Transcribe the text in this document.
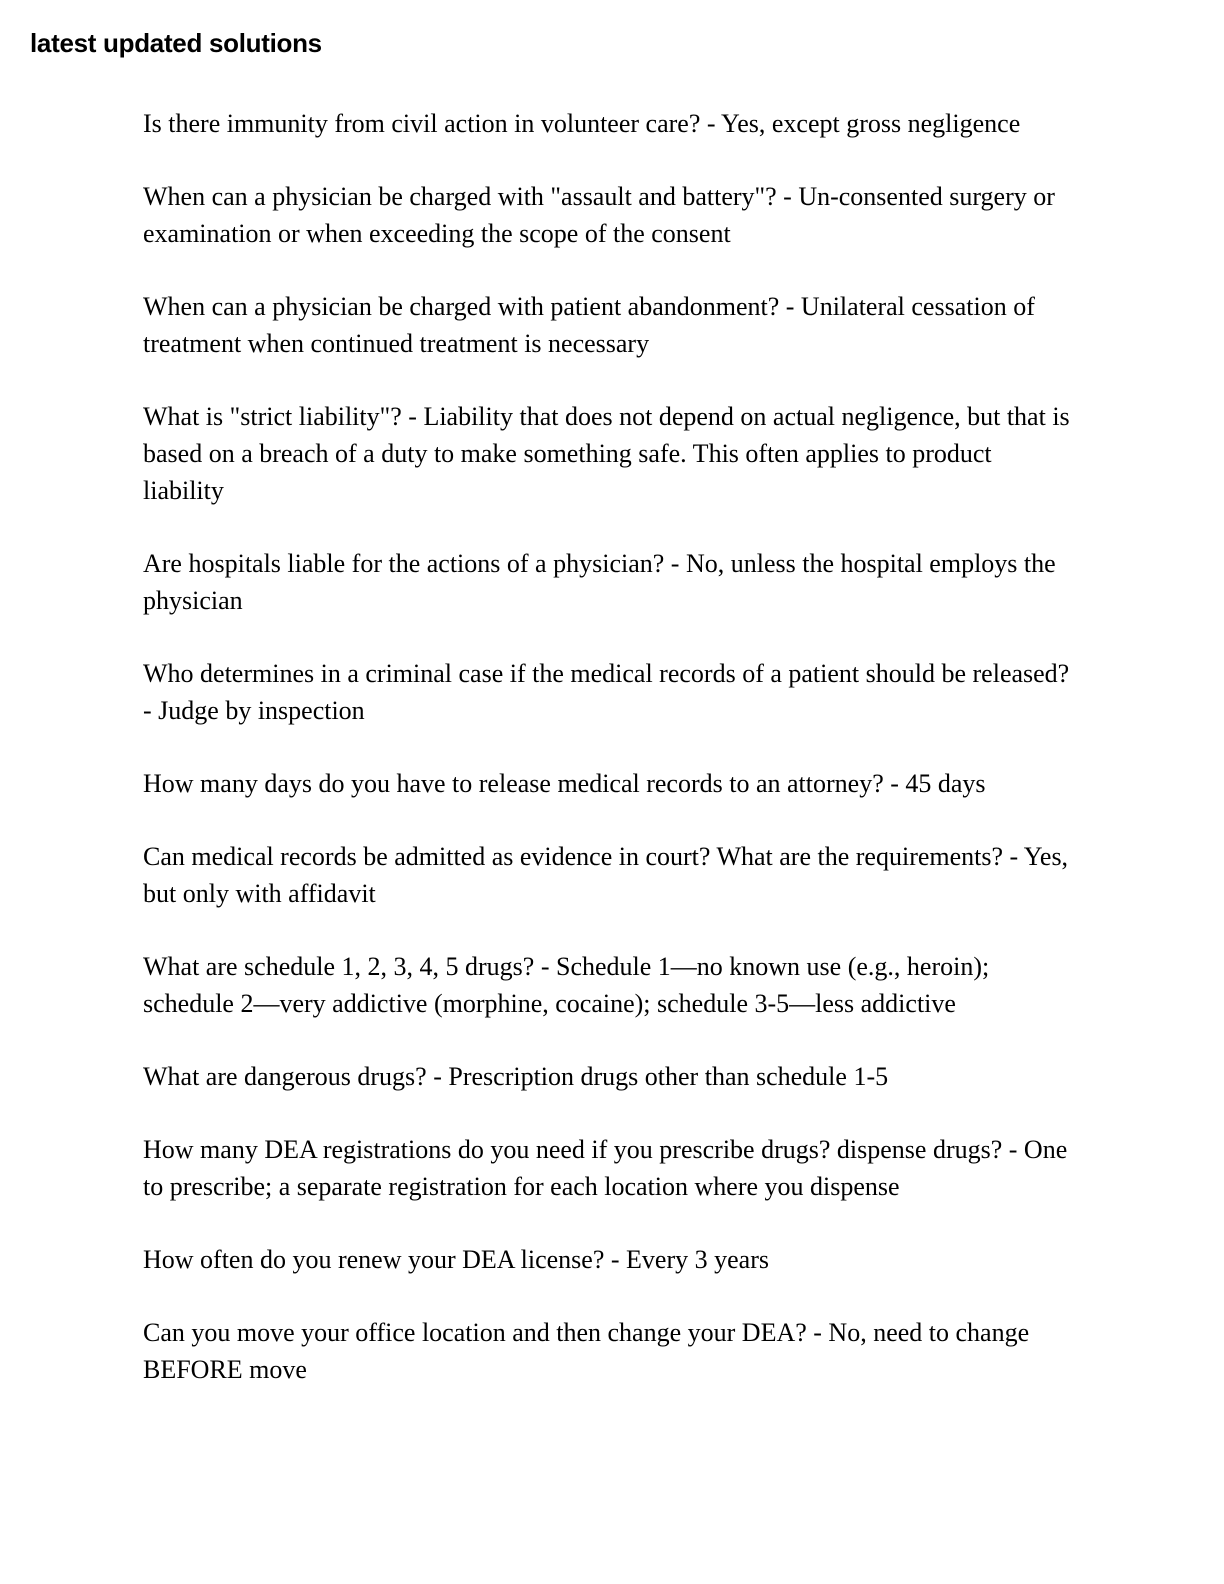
latest updated solutions
Is there immunity from civil action in volunteer care? - Yes, except gross negligence
When can a physician be charged with "assault and battery"? - Un-consented surgery or examination or when exceeding the scope of the consent
When can a physician be charged with patient abandonment? - Unilateral cessation of treatment when continued treatment is necessary
What is "strict liability"? - Liability that does not depend on actual negligence, but that is based on a breach of a duty to make something safe. This often applies to product liability
Are hospitals liable for the actions of a physician? - No, unless the hospital employs the physician
Who determines in a criminal case if the medical records of a patient should be released? - Judge by inspection
How many days do you have to release medical records to an attorney? - 45 days
Can medical records be admitted as evidence in court? What are the requirements? - Yes, but only with affidavit
What are schedule 1, 2, 3, 4, 5 drugs? - Schedule 1—no known use (e.g., heroin); schedule 2—very addictive (morphine, cocaine); schedule 3-5—less addictive
What are dangerous drugs? - Prescription drugs other than schedule 1-5
How many DEA registrations do you need if you prescribe drugs? dispense drugs? - One to prescribe; a separate registration for each location where you dispense
How often do you renew your DEA license? - Every 3 years
Can you move your office location and then change your DEA? - No, need to change BEFORE move
